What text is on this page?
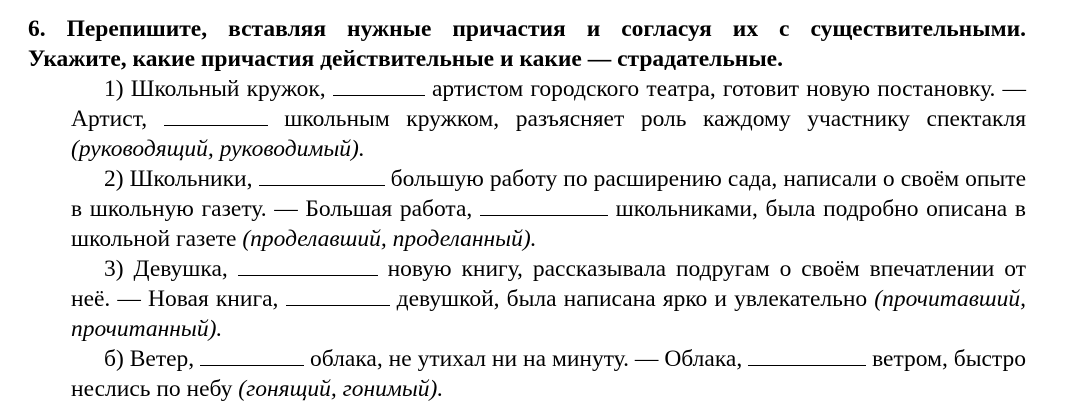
6. Перепишите, вставляя нужные причастия и согласуя их с существительными.
Укажите, какие причастия действительные и какие — страдательные.

1) Школьный кружок,	артистом городского театра, готовит новую постановку. — Артист,	школьным кружком, разъясняет роль каждому участнику спектакля (руководящий, руководимый).

2) Школьники,	большую работу по расширению сада, написали о своём опыте в школьную газету. — Большая работа,	школьниками, была подробно описана в школьной газете (проделавший, проделанный).

3) Девушка,	новую книгу, рассказывала подругам о своём впечатлении от неё. — Новая книга,	девушкой, была написана ярко и увлекательно (прочитавший, прочитанный).

б) Ветер,	облака, не утихал ни на минуту. — Облака,	ветром, быстро неслись по небу (гонящий, гонимый).
